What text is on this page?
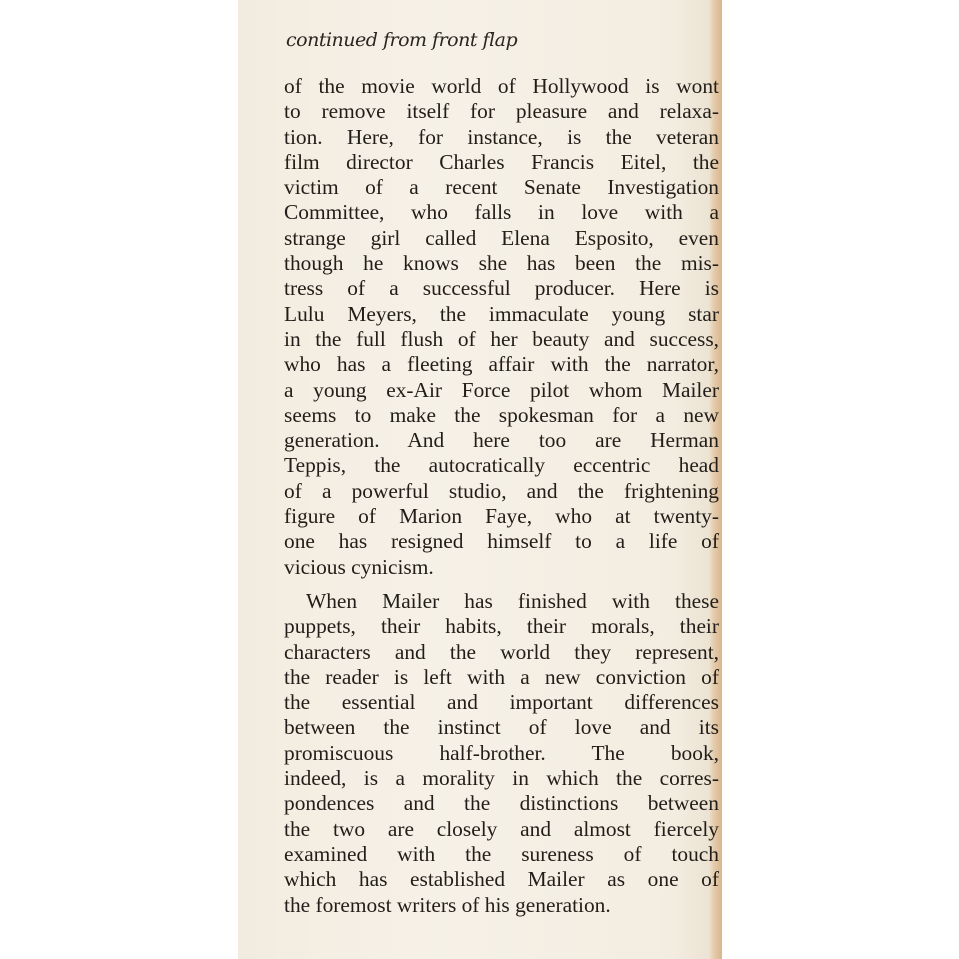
continued from front flap
of the movie world of Hollywood is wont
to remove itself for pleasure and relaxa-
tion. Here, for instance, is the veteran
film director Charles Francis Eitel, the
victim of a recent Senate Investigation
Committee, who falls in love with a
strange girl called Elena Esposito, even
though he knows she has been the mis-
tress of a successful producer. Here is
Lulu Meyers, the immaculate young star
in the full flush of her beauty and success,
who has a fleeting affair with the narrator,
a young ex-Air Force pilot whom Mailer
seems to make the spokesman for a new
generation. And here too are Herman
Teppis, the autocratically eccentric head
of a powerful studio, and the frightening
figure of Marion Faye, who at twenty-
one has resigned himself to a life of
vicious cynicism.
When Mailer has finished with these
puppets, their habits, their morals, their
characters and the world they represent,
the reader is left with a new conviction of
the essential and important differences
between the instinct of love and its
promiscuous half-brother. The book,
indeed, is a morality in which the corres-
pondences and the distinctions between
the two are closely and almost fiercely
examined with the sureness of touch
which has established Mailer as one of
the foremost writers of his generation.
